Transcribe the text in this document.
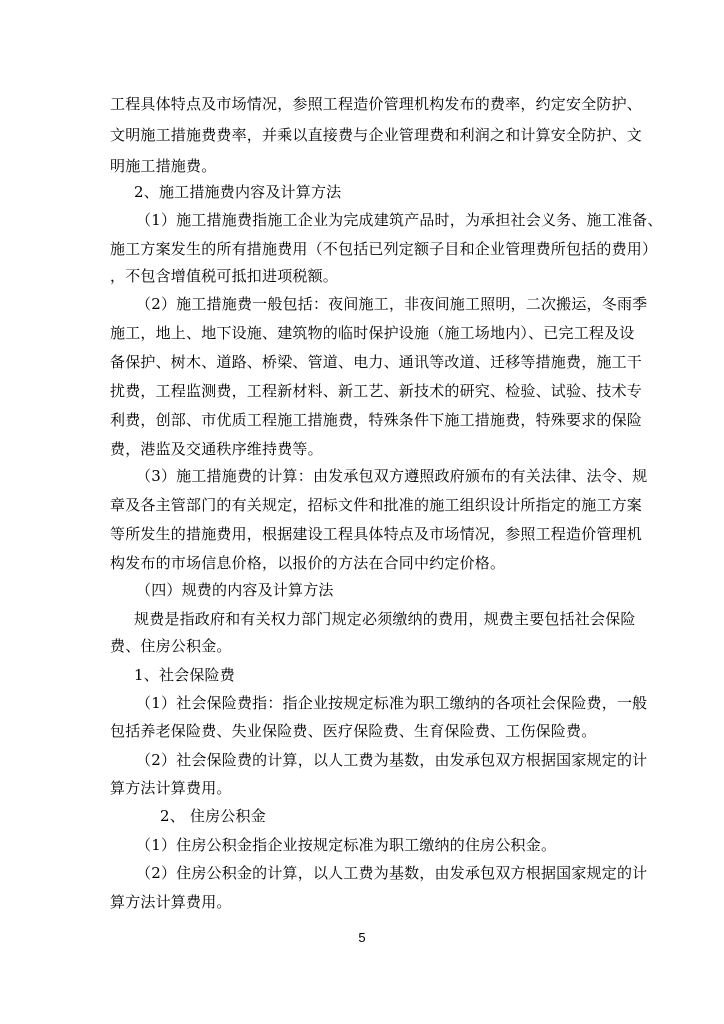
工程具体特点及市场情况，参照工程造价管理机构发布的费率，约定安全防护、
文明施工措施费费率，并乘以直接费与企业管理费和利润之和计算安全防护、文
明施工措施费。
2、施工措施费内容及计算方法
（1）施工措施费指施工企业为完成建筑产品时，为承担社会义务、施工准备、
施工方案发生的所有措施费用（不包括已列定额子目和企业管理费所包括的费用）
，不包含增值税可抵扣进项税额。
（2）施工措施费一般包括：夜间施工，非夜间施工照明，二次搬运，冬雨季
施工，地上、地下设施、建筑物的临时保护设施（施工场地内）、已完工程及设
备保护、树木、道路、桥梁、管道、电力、通讯等改道、迁移等措施费，施工干
扰费，工程监测费，工程新材料、新工艺、新技术的研究、检验、试验、技术专
利费，创部、市优质工程施工措施费，特殊条件下施工措施费，特殊要求的保险
费，港监及交通秩序维持费等。
（3）施工措施费的计算：由发承包双方遵照政府颁布的有关法律、法令、规
章及各主管部门的有关规定，招标文件和批准的施工组织设计所指定的施工方案
等所发生的措施费用，根据建设工程具体特点及市场情况，参照工程造价管理机
构发布的市场信息价格，以报价的方法在合同中约定价格。
（四）规费的内容及计算方法
规费是指政府和有关权力部门规定必须缴纳的费用，规费主要包括社会保险
费、住房公积金。
1、社会保险费
（1）社会保险费指：指企业按规定标准为职工缴纳的各项社会保险费，一般
包括养老保险费、失业保险费、医疗保险费、生育保险费、工伤保险费。
（2）社会保险费的计算，以人工费为基数，由发承包双方根据国家规定的计
算方法计算费用。
2、 住房公积金
（1）住房公积金指企业按规定标准为职工缴纳的住房公积金。
（2）住房公积金的计算，以人工费为基数，由发承包双方根据国家规定的计
算方法计算费用。
5
